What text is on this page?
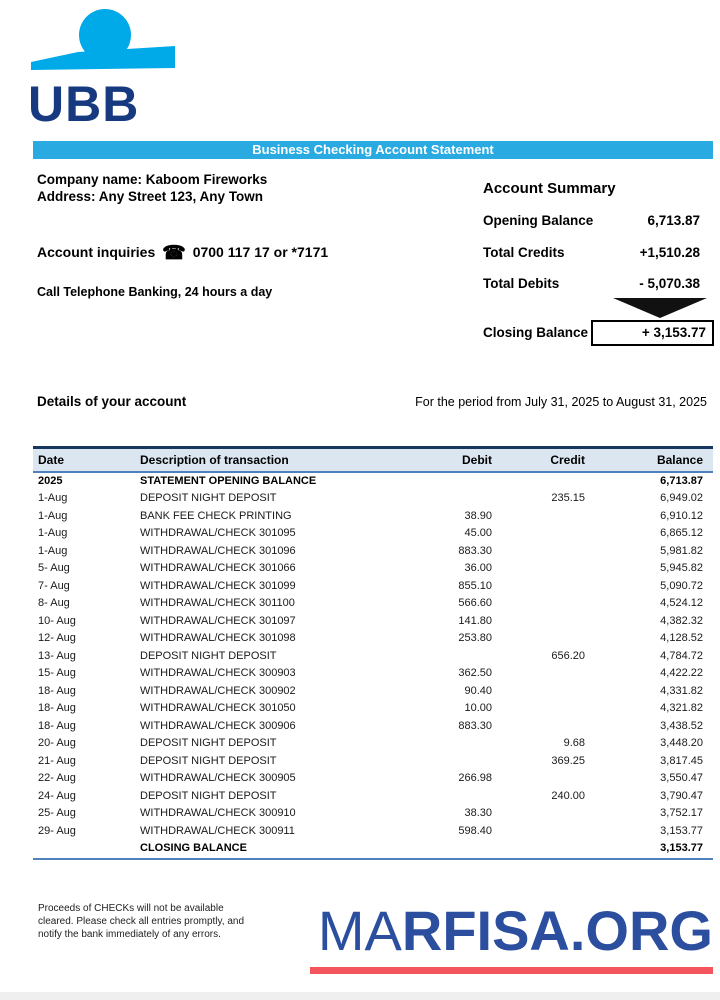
UBB
Business Checking Account Statement
Company name: Kaboom Fireworks
Address: Any Street 123, Any Town
Account inquiries ☎ 0700 117 17 or *7171
Call Telephone Banking, 24 hours a day
Account Summary
Opening Balance	6,713.87
Total Credits	+1,510.28
Total Debits	- 5,070.38
Closing Balance	+ 3,153.77
Details of your account	For the period from July 31, 2025 to August 31, 2025
Date	Description of transaction	Debit	Credit	Balance
2025	STATEMENT OPENING BALANCE			6,713.87
1-Aug	DEPOSIT NIGHT DEPOSIT		235.15	6,949.02
1-Aug	BANK FEE CHECK PRINTING	38.90		6,910.12
1-Aug	WITHDRAWAL/CHECK 301095	45.00		6,865.12
1-Aug	WITHDRAWAL/CHECK 301096	883.30		5,981.82
5- Aug	WITHDRAWAL/CHECK 301066	36.00		5,945.82
7- Aug	WITHDRAWAL/CHECK 301099	855.10		5,090.72
8- Aug	WITHDRAWAL/CHECK 301100	566.60		4,524.12
10- Aug	WITHDRAWAL/CHECK 301097	141.80		4,382.32
12- Aug	WITHDRAWAL/CHECK 301098	253.80		4,128.52
13- Aug	DEPOSIT NIGHT DEPOSIT		656.20	4,784.72
15- Aug	WITHDRAWAL/CHECK 300903	362.50		4,422.22
18- Aug	WITHDRAWAL/CHECK 300902	90.40		4,331.82
18- Aug	WITHDRAWAL/CHECK 301050	10.00		4,321.82
18- Aug	WITHDRAWAL/CHECK 300906	883.30		3,438.52
20- Aug	DEPOSIT NIGHT DEPOSIT		9.68	3,448.20
21- Aug	DEPOSIT NIGHT DEPOSIT		369.25	3,817.45
22- Aug	WITHDRAWAL/CHECK 300905	266.98		3,550.47
24- Aug	DEPOSIT NIGHT DEPOSIT		240.00	3,790.47
25- Aug	WITHDRAWAL/CHECK 300910	38.30		3,752.17
29- Aug	WITHDRAWAL/CHECK 300911	598.40		3,153.77
	CLOSING BALANCE			3,153.77
Proceeds of CHECKs will not be available
cleared. Please check all entries promptly, and
notify the bank immediately of any errors.	MARFISA.ORG
